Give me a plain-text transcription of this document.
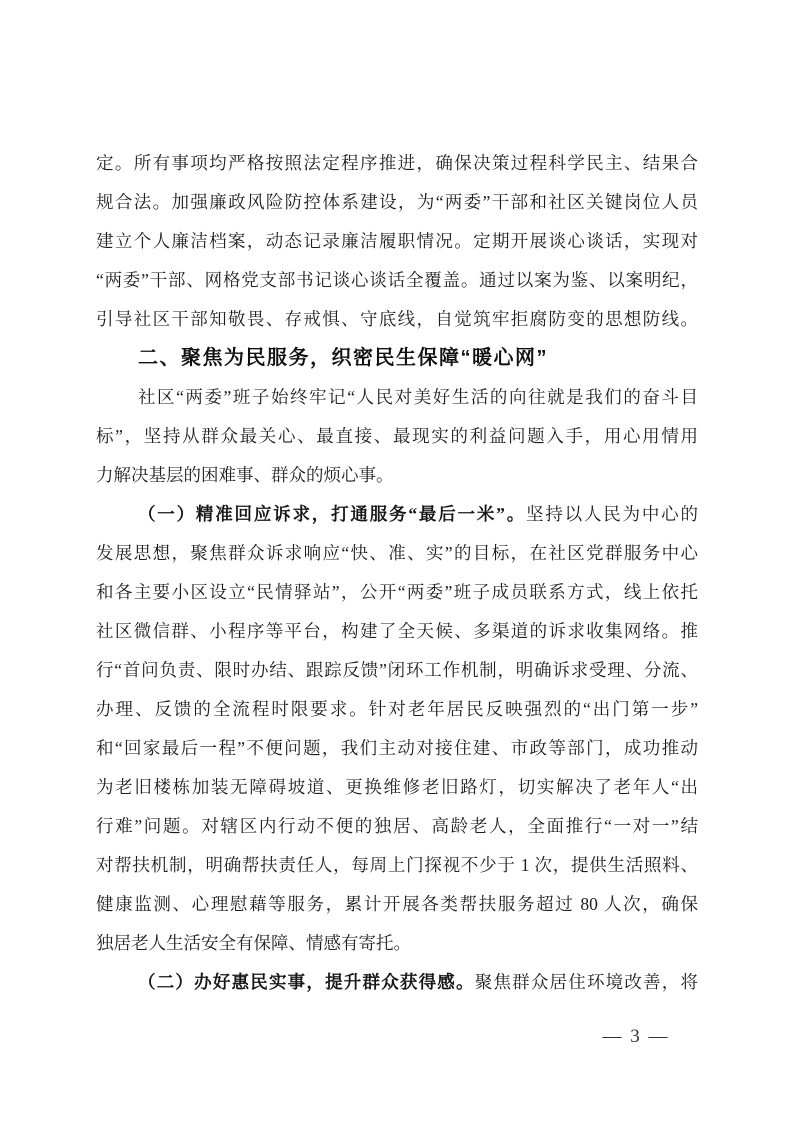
定。所有事项均严格按照法定程序推进，确保决策过程科学民主、结果合
规合法。加强廉政风险防控体系建设，为“两委”干部和社区关键岗位人员
建立个人廉洁档案，动态记录廉洁履职情况。定期开展谈心谈话，实现对
“两委”干部、网格党支部书记谈心谈话全覆盖。通过以案为鉴、以案明纪，
引导社区干部知敬畏、存戒惧、守底线，自觉筑牢拒腐防变的思想防线。
二、聚焦为民服务，织密民生保障“暖心网”
社区“两委”班子始终牢记“人民对美好生活的向往就是我们的奋斗目
标”，坚持从群众最关心、最直接、最现实的利益问题入手，用心用情用
力解决基层的困难事、群众的烦心事。
（一）精准回应诉求，打通服务“最后一米”。坚持以人民为中心的
发展思想，聚焦群众诉求响应“快、准、实”的目标，在社区党群服务中心
和各主要小区设立“民情驿站”，公开“两委”班子成员联系方式，线上依托
社区微信群、小程序等平台，构建了全天候、多渠道的诉求收集网络。推
行“首问负责、限时办结、跟踪反馈”闭环工作机制，明确诉求受理、分流、
办理、反馈的全流程时限要求。针对老年居民反映强烈的“出门第一步”
和“回家最后一程”不便问题，我们主动对接住建、市政等部门，成功推动
为老旧楼栋加装无障碍坡道、更换维修老旧路灯，切实解决了老年人“出
行难”问题。对辖区内行动不便的独居、高龄老人，全面推行“一对一”结
对帮扶机制，明确帮扶责任人，每周上门探视不少于 1 次，提供生活照料、
健康监测、心理慰藉等服务，累计开展各类帮扶服务超过 80 人次，确保
独居老人生活安全有保障、情感有寄托。
（二）办好惠民实事，提升群众获得感。聚焦群众居住环境改善，将
— 3 —
